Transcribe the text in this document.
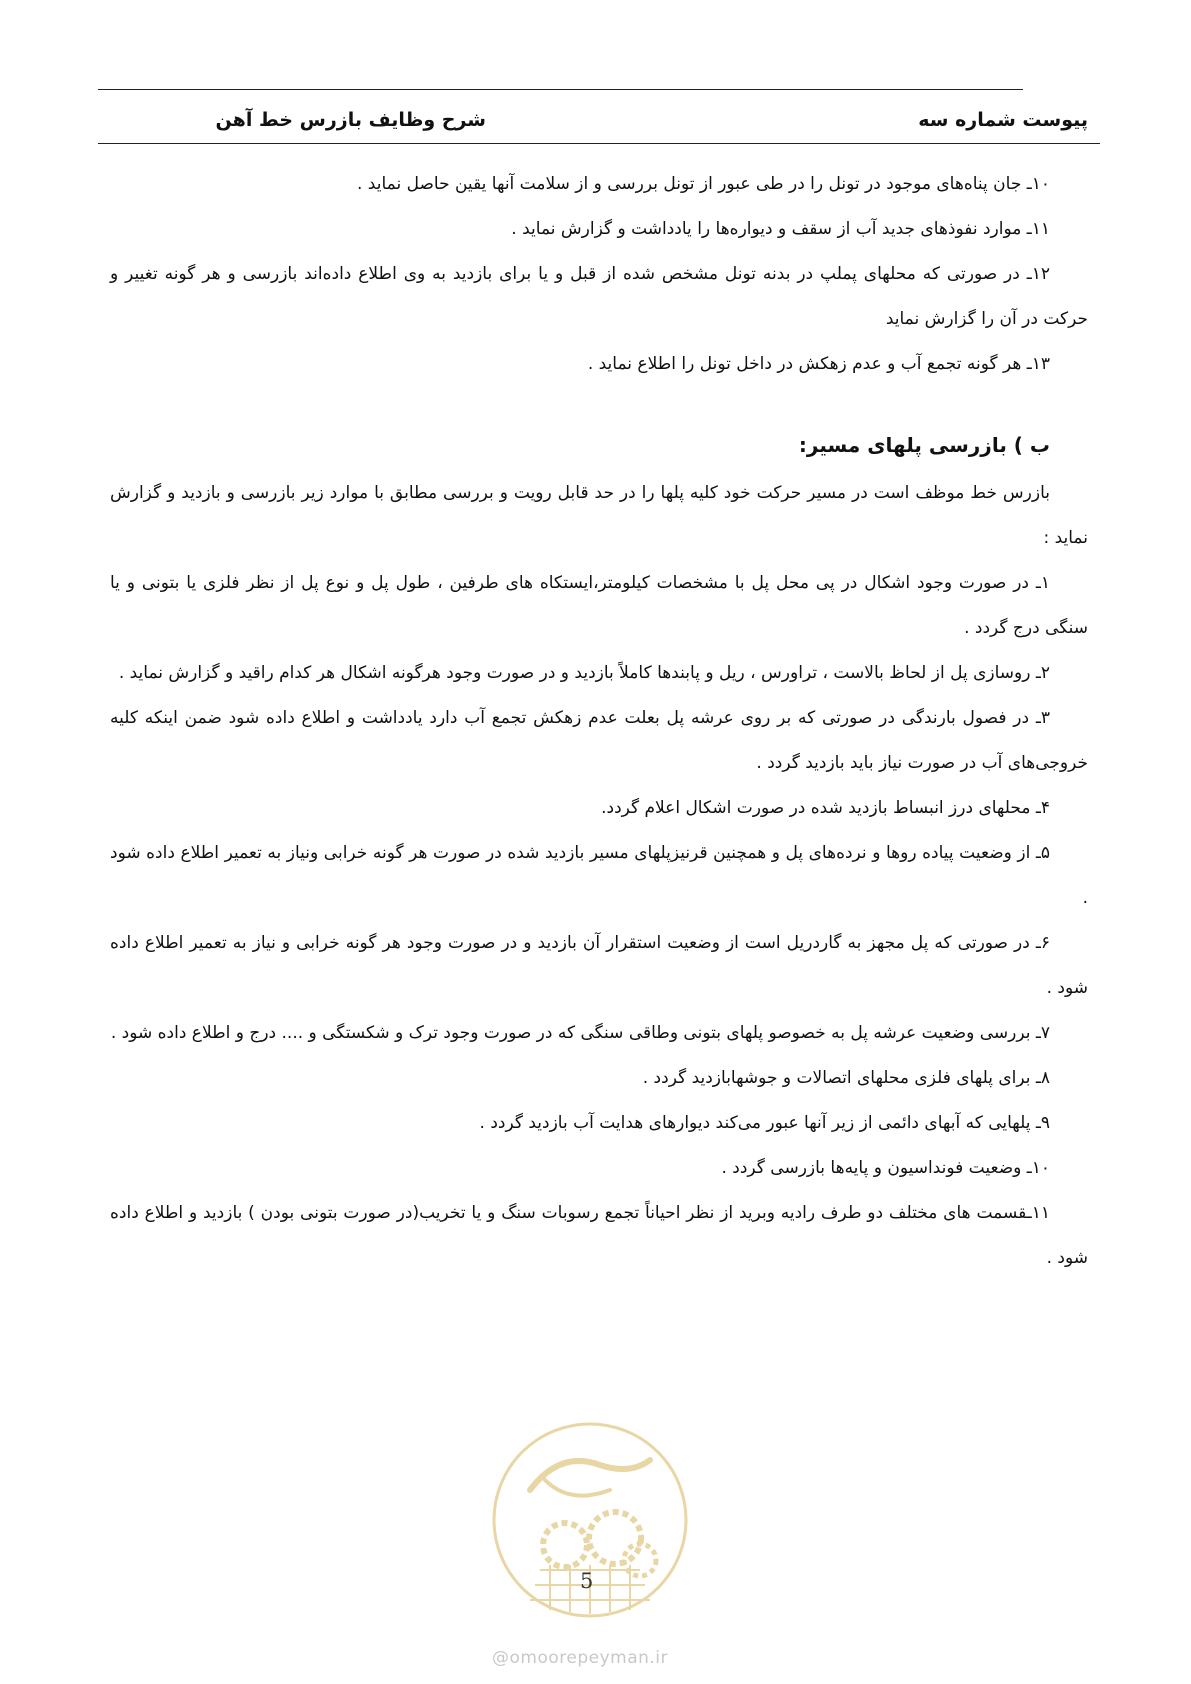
پیوست شماره سه
شرح وظایف بازرس خط آهن

۱۰ـ جان پناه‌های موجود در تونل را در طی عبور از تونل بررسی و از سلامت آنها یقین حاصل نماید .

۱۱ـ موارد نفوذهای جدید آب از سقف و دیواره‌ها را یادداشت و گزارش نماید .

۱۲ـ در صورتی که محلهای پملپ در بدنه تونل مشخص شده از قبل و یا برای بازدید به وی اطلاع داده‌اند بازرسی و هر گونه تغییر و حرکت در آن را گزارش نماید

۱۳ـ هر گونه تجمع آب و عدم زهکش در داخل تونل را اطلاع نماید .

ب ) بازرسی پلهای مسیر:

بازرس خط موظف است در مسیر حرکت خود کلیه پلها را در حد قابل رویت و بررسی مطابق با موارد زیر بازرسی و بازدید و گزارش نماید :

۱ـ در صورت وجود اشکال در پی محل پل با مشخصات کیلومتر،ایستکاه های طرفین ، طول پل و نوع پل از نظر فلزی یا بتونی و یا سنگی درج گردد .

۲ـ روسازی پل از لحاظ بالاست ، تراورس ، ریل و پابندها کاملاً بازدید و در صورت وجود هرگونه اشکال هر کدام راقید و گزارش نماید .

۳ـ در فصول بارندگی در صورتی که بر روی عرشه پل بعلت عدم زهکش تجمع آب دارد یادداشت و اطلاع داده شود ضمن اینکه کلیه خروجی‌های آب در صورت نیاز باید بازدید گردد .

۴ـ محلهای درز انبساط بازدید شده در صورت اشکال اعلام گردد.

۵ـ از وضعیت پیاده روها و نرده‌های پل و همچنین قرنیزپلهای مسیر بازدید شده در صورت هر گونه خرابی ونیاز به تعمیر اطلاع داده شود .

۶ـ در صورتی که پل مجهز به گاردریل است از وضعیت استقرار آن بازدید و در صورت وجود هر گونه خرابی و نیاز به تعمیر اطلاع داده شود .

۷ـ بررسی وضعیت عرشه پل به خصوصو پلهای بتونی وطاقی سنگی که در صورت وجود ترک و شکستگی و .... درج و اطلاع داده شود .

۸ـ برای پلهای فلزی محلهای اتصالات و جوشهابازدید گردد .

۹ـ پلهایی که آبهای دائمی از زیر آنها عبور می‌کند دیوارهای هدایت آب بازدید گردد .

۱۰ـ وضعیت فونداسیون و پایه‌ها بازرسی گردد .

۱۱ـقسمت های مختلف دو طرف رادیه وبرید از نظر احیاناً تجمع رسوبات سنگ و یا تخریب(در صورت بتونی بودن ) بازدید و اطلاع داده شود .

5
@omoorepeyman.ir
